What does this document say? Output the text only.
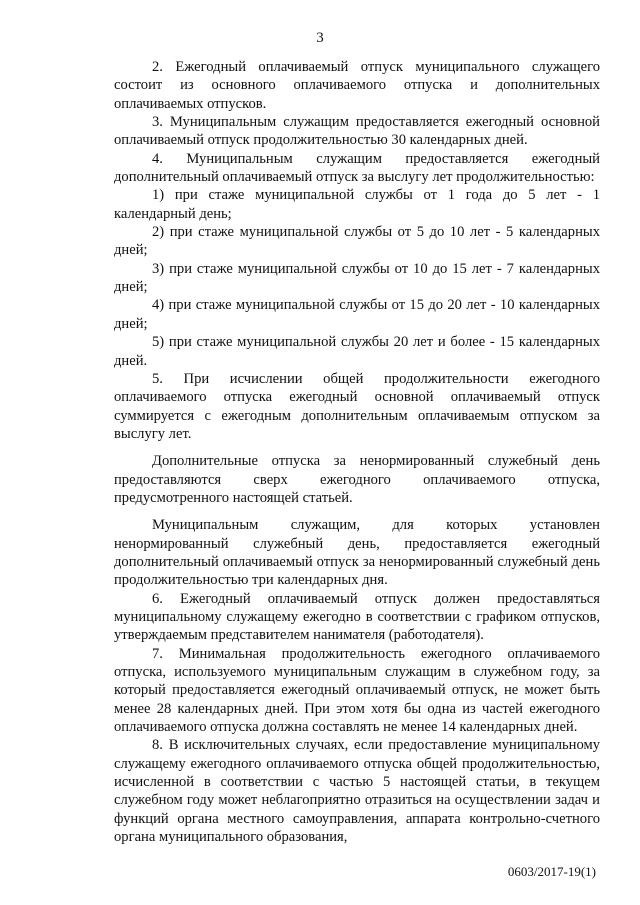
3

2. Ежегодный оплачиваемый отпуск муниципального служащего состоит из основного оплачиваемого отпуска и дополнительных оплачиваемых отпусков.

3. Муниципальным служащим предоставляется ежегодный основной оплачиваемый отпуск продолжительностью 30 календарных дней.

4. Муниципальным служащим предоставляется ежегодный дополнительный оплачиваемый отпуск за выслугу лет продолжительностью:

1) при стаже муниципальной службы от 1 года до 5 лет - 1 календарный день;

2) при стаже муниципальной службы от 5 до 10 лет - 5 календарных дней;

3) при стаже муниципальной службы от 10 до 15 лет - 7 календарных дней;

4) при стаже муниципальной службы от 15 до 20 лет - 10 календарных дней;

5) при стаже муниципальной службы 20 лет и более - 15 календарных дней.

5. При исчислении общей продолжительности ежегодного оплачиваемого отпуска ежегодный основной оплачиваемый отпуск суммируется с ежегодным дополнительным оплачиваемым отпуском за выслугу лет.

Дополнительные отпуска за ненормированный служебный день предоставляются сверх ежегодного оплачиваемого отпуска, предусмотренного настоящей статьей.

Муниципальным служащим, для которых установлен ненормированный служебный день, предоставляется ежегодный дополнительный оплачиваемый отпуск за ненормированный служебный день продолжительностью три календарных дня.

6. Ежегодный оплачиваемый отпуск должен предоставляться муниципальному служащему ежегодно в соответствии с графиком отпусков, утверждаемым представителем нанимателя (работодателя).

7. Минимальная продолжительность ежегодного оплачиваемого отпуска, используемого муниципальным служащим в служебном году, за который предоставляется ежегодный оплачиваемый отпуск, не может быть менее 28 календарных дней. При этом хотя бы одна из частей ежегодного оплачиваемого отпуска должна составлять не менее 14 календарных дней.

8. В исключительных случаях, если предоставление муниципальному служащему ежегодного оплачиваемого отпуска общей продолжительностью, исчисленной в соответствии с частью 5 настоящей статьи, в текущем служебном году может неблагоприятно отразиться на осуществлении задач и функций органа местного самоуправления, аппарата контрольно-счетного органа муниципального образования,

0603/2017-19(1)
